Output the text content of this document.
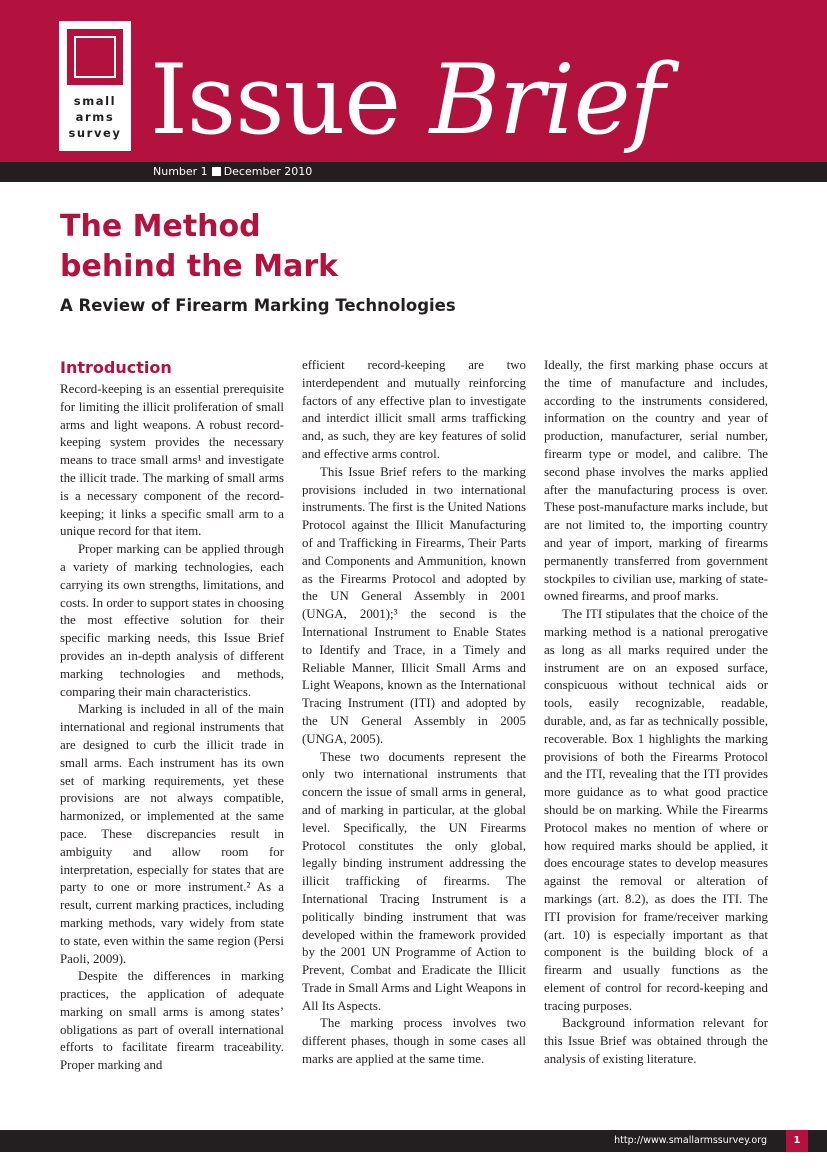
small
arms
survey Issue Brief
Number 1 December 2010
The Method
behind the Mark
A Review of Firearm Marking Technologies
Introduction

Record-keeping is an essential prerequisite for limiting the illicit proliferation of small arms and light weapons. A robust record-keeping system provides the necessary means to trace small arms¹ and investigate the illicit trade. The marking of small arms is a necessary component of the record-keeping; it links a specific small arm to a unique record for that item.

Proper marking can be applied through a variety of marking technologies, each carrying its own strengths, limitations, and costs. In order to support states in choosing the most effective solution for their specific marking needs, this Issue Brief provides an in-depth analysis of different marking technologies and methods, comparing their main characteristics.

Marking is included in all of the main international and regional instruments that are designed to curb the illicit trade in small arms. Each instrument has its own set of marking requirements, yet these provisions are not always compatible, harmonized, or implemented at the same pace. These discrepancies result in ambiguity and allow room for interpretation, especially for states that are party to one or more instrument.² As a result, current marking practices, including marking methods, vary widely from state to state, even within the same region (Persi Paoli, 2009).

Despite the differences in marking practices, the application of adequate marking on small arms is among states’ obligations as part of overall international efforts to facilitate firearm traceability. Proper marking and

efficient record-keeping are two interdependent and mutually reinforcing factors of any effective plan to investigate and interdict illicit small arms trafficking and, as such, they are key features of solid and effective arms control.

This Issue Brief refers to the marking provisions included in two international instruments. The first is the United Nations Protocol against the Illicit Manufacturing of and Trafficking in Firearms, Their Parts and Components and Ammunition, known as the Firearms Protocol and adopted by the UN General Assembly in 2001 (UNGA, 2001);³ the second is the International Instrument to Enable States to Identify and Trace, in a Timely and Reliable Manner, Illicit Small Arms and Light Weapons, known as the International Tracing Instrument (ITI) and adopted by the UN General Assembly in 2005 (UNGA, 2005).

These two documents represent the only two international instruments that concern the issue of small arms in general, and of marking in particular, at the global level. Specifically, the UN Firearms Protocol constitutes the only global, legally binding instrument addressing the illicit trafficking of firearms. The International Tracing Instrument is a politically binding instrument that was developed within the framework provided by the 2001 UN Programme of Action to Prevent, Combat and Eradicate the Illicit Trade in Small Arms and Light Weapons in All Its Aspects.

The marking process involves two different phases, though in some cases all marks are applied at the same time.

Ideally, the first marking phase occurs at the time of manufacture and includes, according to the instruments considered, information on the country and year of production, manufacturer, serial number, firearm type or model, and calibre. The second phase involves the marks applied after the manufacturing process is over. These post-manufacture marks include, but are not limited to, the importing country and year of import, marking of firearms permanently transferred from government stockpiles to civilian use, marking of state-owned firearms, and proof marks.

The ITI stipulates that the choice of the marking method is a national prerogative as long as all marks required under the instrument are on an exposed surface, conspicuous without technical aids or tools, easily recognizable, readable, durable, and, as far as technically possible, recoverable. Box 1 highlights the marking provisions of both the Firearms Protocol and the ITI, revealing that the ITI provides more guidance as to what good practice should be on marking. While the Firearms Protocol makes no mention of where or how required marks should be applied, it does encourage states to develop measures against the removal or alteration of markings (art. 8.2), as does the ITI. The ITI provision for frame/receiver marking (art. 10) is especially important as that component is the building block of a firearm and usually functions as the element of control for record-keeping and tracing purposes.

Background information relevant for this Issue Brief was obtained through the analysis of existing literature.

http://www.smallarmssurvey.org	1
